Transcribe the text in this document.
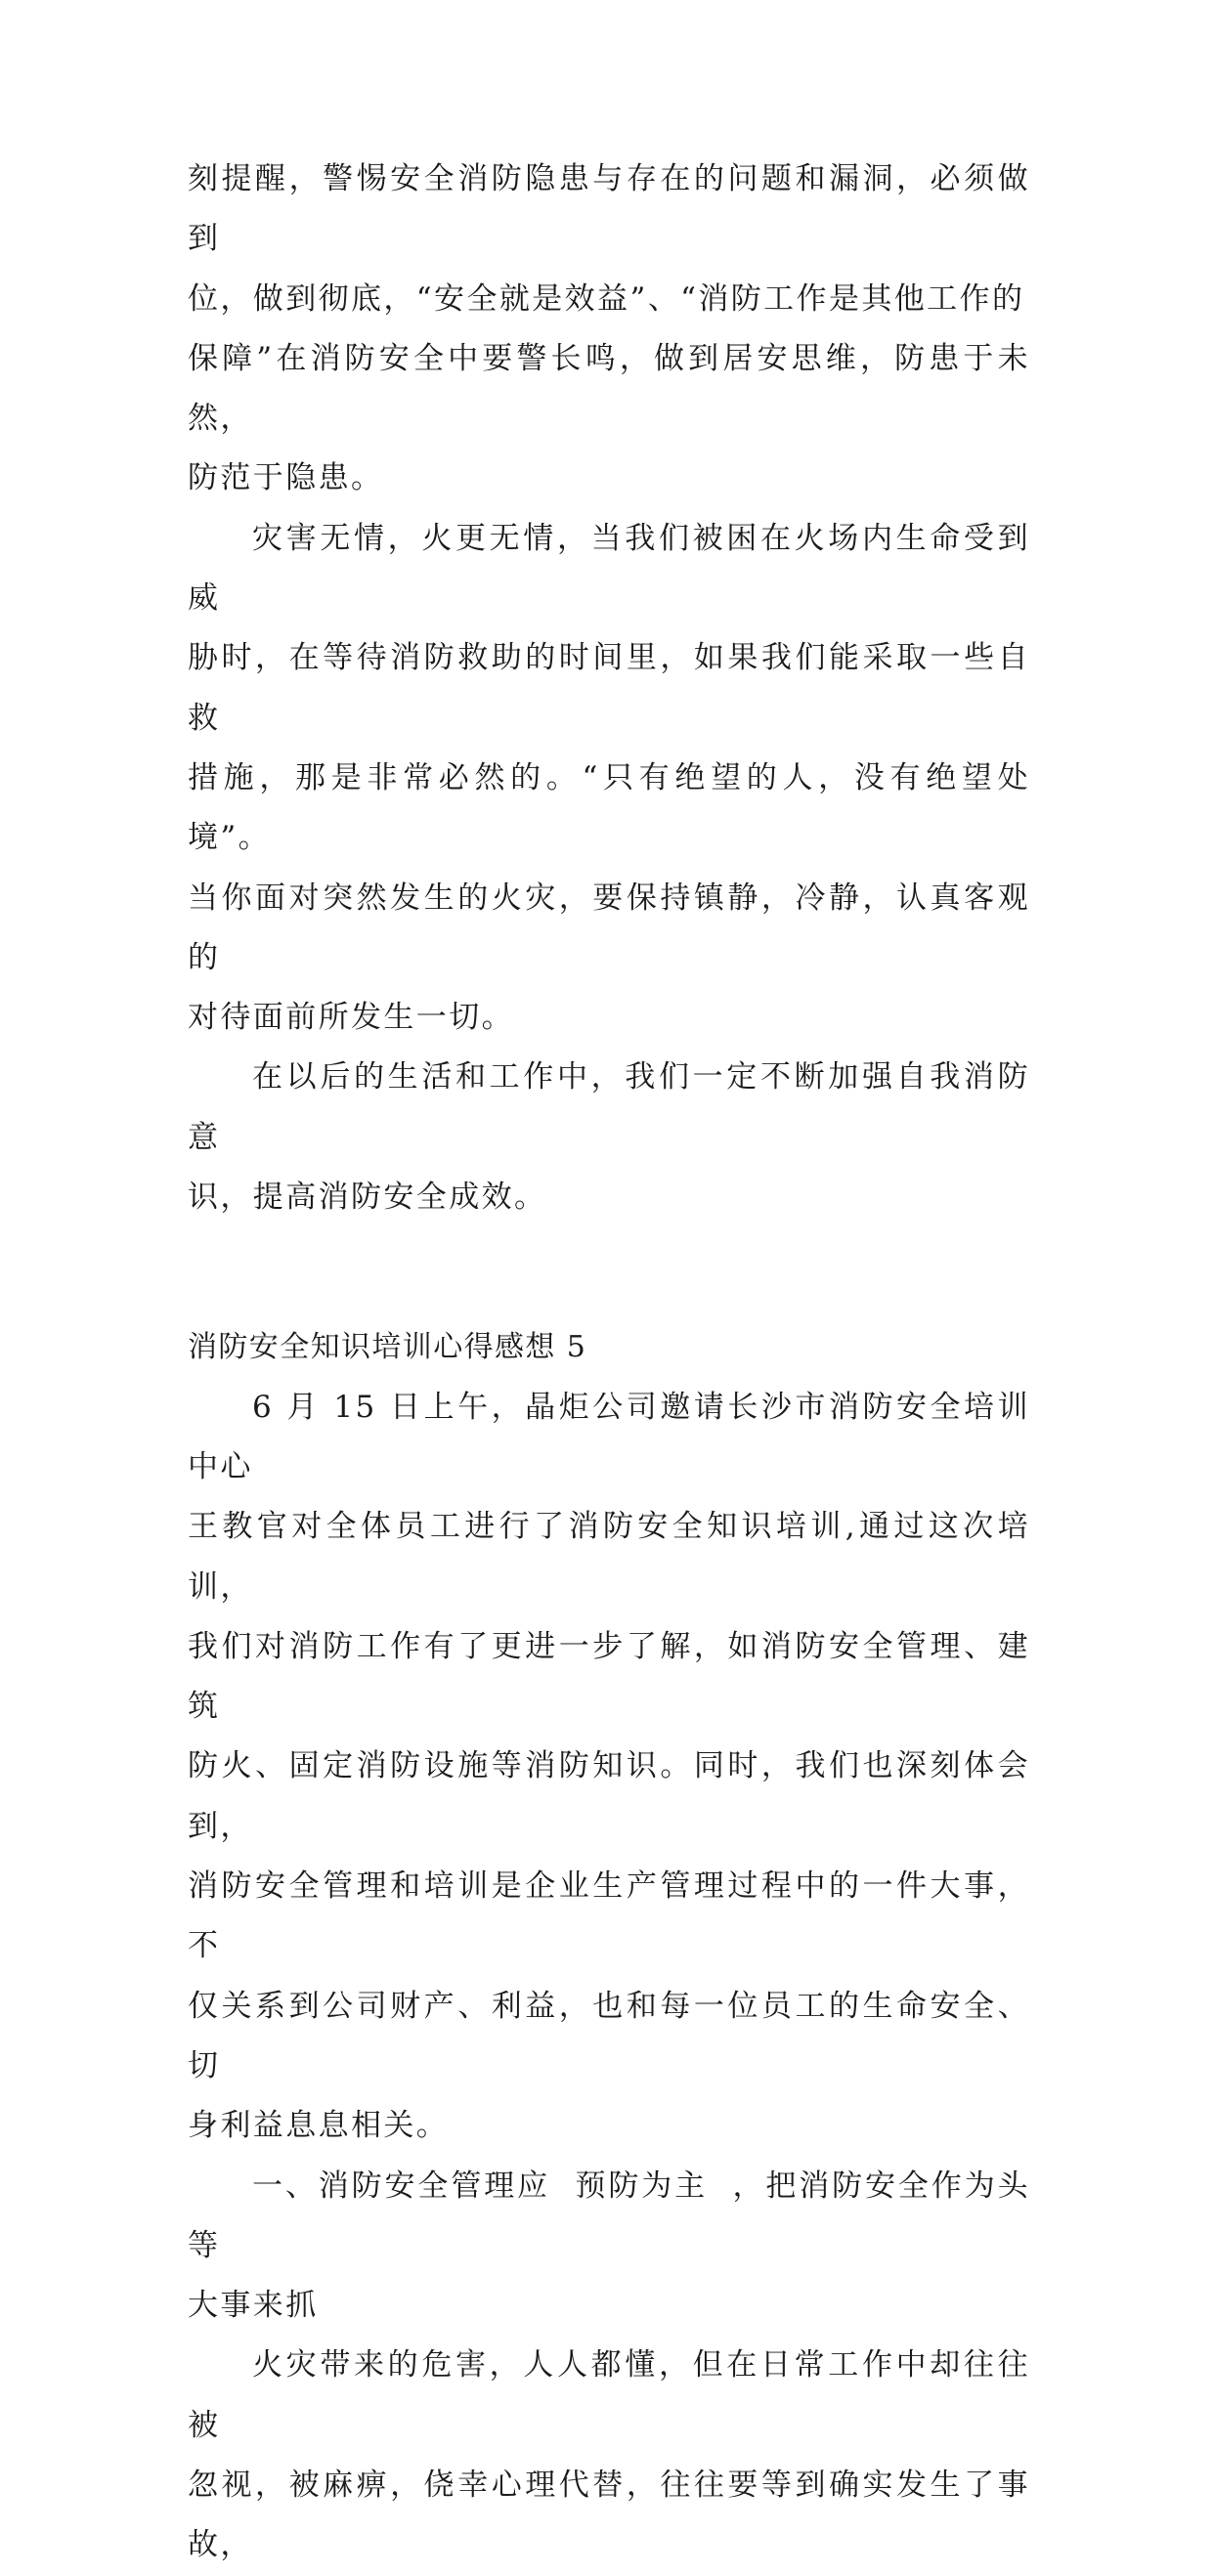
刻提醒，警惕安全消防隐患与存在的问题和漏洞，必须做到
位，做到彻底，“安全就是效益”、“消防工作是其他工作的
保障”在消防安全中要警长鸣，做到居安思维，防患于未然，
防范于隐患。

灾害无情，火更无情，当我们被困在火场内生命受到威
胁时，在等待消防救助的时间里，如果我们能采取一些自救
措施，那是非常必然的。“只有绝望的人，没有绝望处境”。
当你面对突然发生的火灾，要保持镇静，冷静，认真客观的
对待面前所发生一切。

在以后的生活和工作中，我们一定不断加强自我消防意
识，提高消防安全成效。

消防安全知识培训心得感想 5

6 月 15 日上午，晶炬公司邀请长沙市消防安全培训中心
王教官对全体员工进行了消防安全知识培训,通过这次培训，
我们对消防工作有了更进一步了解，如消防安全管理、建筑
防火、固定消防设施等消防知识。同时，我们也深刻体会到，
消防安全管理和培训是企业生产管理过程中的一件大事，不
仅关系到公司财产、利益，也和每一位员工的生命安全、切
身利益息息相关。

一、消防安全管理应  预防为主  ，把消防安全作为头等
大事来抓

火灾带来的危害，人人都懂，但在日常工作中却往往被
忽视，被麻痹，侥幸心理代替，往往要等到确实发生了事故，
